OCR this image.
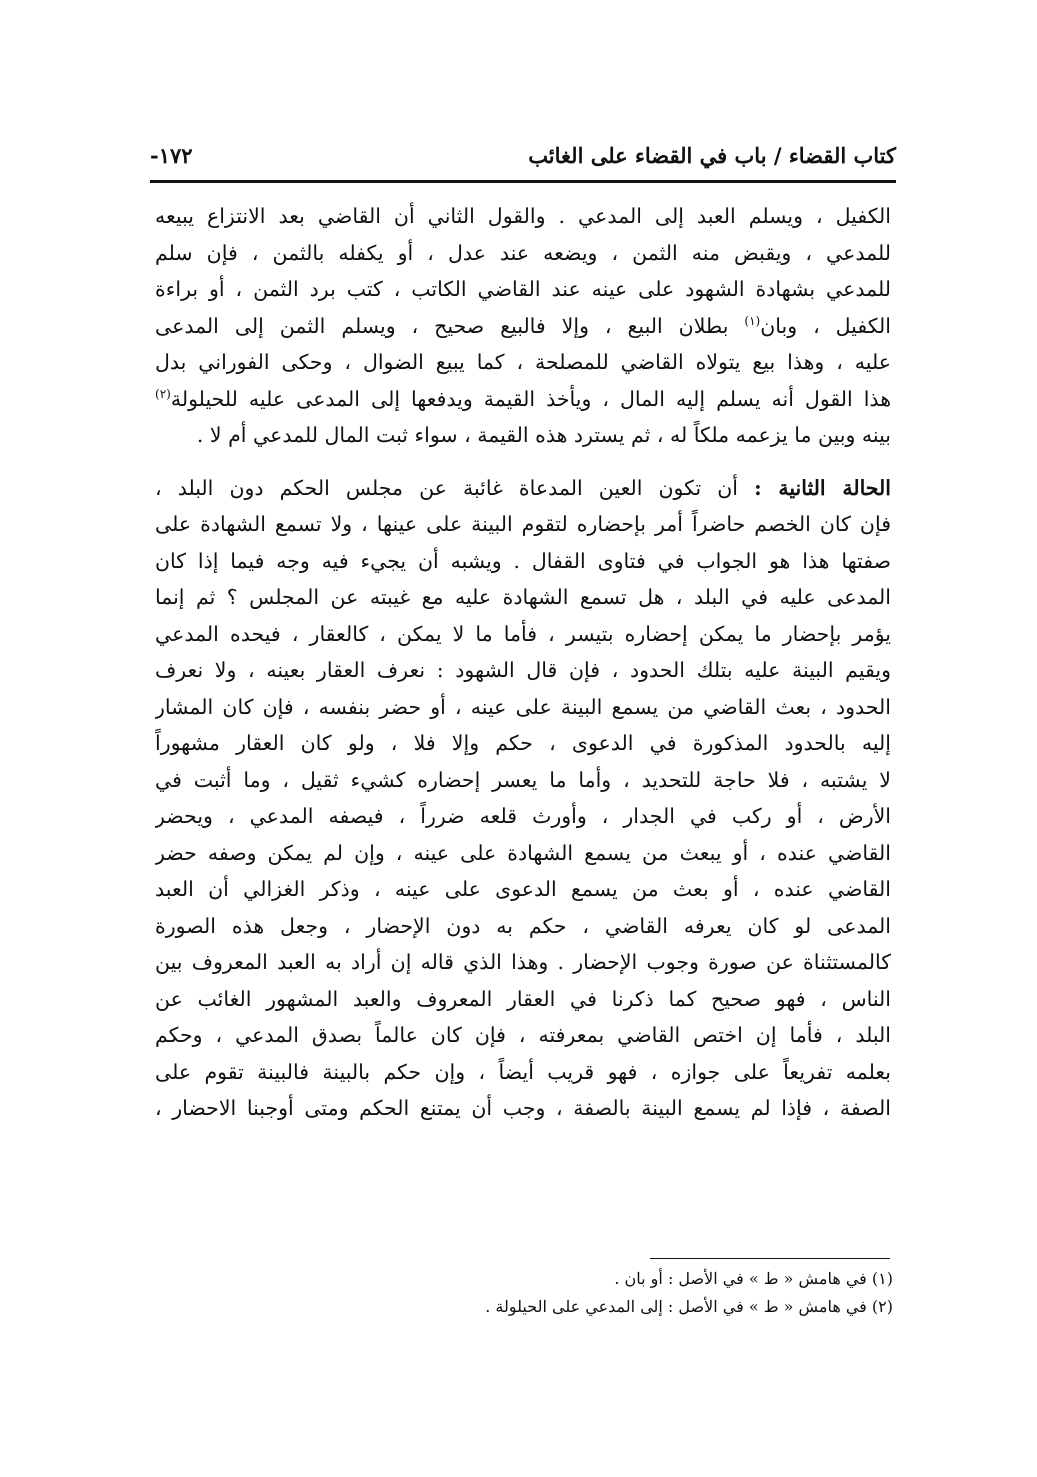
كتاب القضاء / باب في القضاء على الغائب
١٧٢-
الكفيل ، ويسلم العبد إلى المدعي . والقول الثاني أن القاضي بعد الانتزاع يبيعه
للمدعي ، ويقبض منه الثمن ، ويضعه عند عدل ، أو يكفله بالثمن ، فإن سلم
للمدعي بشهادة الشهود على عينه عند القاضي الكاتب ، كتب برد الثمن ، أو براءة
الكفيل ، وبان$^{(١)}$ بطلان البيع ، وإلا فالبيع صحيح ، ويسلم الثمن إلى المدعى
عليه ، وهذا بيع يتولاه القاضي للمصلحة ، كما يبيع الضوال ، وحكى الفوراني بدل
هذا القول أنه يسلم إليه المال ، ويأخذ القيمة ويدفعها إلى المدعى عليه للحيلولة$^{(٢)}$
بينه وبين ما يزعمه ملكاً له ، ثم يسترد هذه القيمة ، سواء ثبت المال للمدعي أم لا .
الحالة الثانية : أن تكون العين المدعاة غائبة عن مجلس الحكم دون البلد ،
فإن كان الخصم حاضراً أمر بإحضاره لتقوم البينة على عينها ، ولا تسمع الشهادة على
صفتها هذا هو الجواب في فتاوى القفال . ويشبه أن يجيء فيه وجه فيما إذا كان
المدعى عليه في البلد ، هل تسمع الشهادة عليه مع غيبته عن المجلس ؟ ثم إنما
يؤمر بإحضار ما يمكن إحضاره بتيسر ، فأما ما لا يمكن ، كالعقار ، فيحده المدعي
ويقيم البينة عليه بتلك الحدود ، فإن قال الشهود : نعرف العقار بعينه ، ولا نعرف
الحدود ، بعث القاضي من يسمع البينة على عينه ، أو حضر بنفسه ، فإن كان المشار
إليه بالحدود المذكورة في الدعوى ، حكم وإلا فلا ، ولو كان العقار مشهوراً
لا يشتبه ، فلا حاجة للتحديد ، وأما ما يعسر إحضاره كشيء ثقيل ، وما أثبت في
الأرض ، أو ركب في الجدار ، وأورث قلعه ضرراً ، فيصفه المدعي ، ويحضر
القاضي عنده ، أو يبعث من يسمع الشهادة على عينه ، وإن لم يمكن وصفه حضر
القاضي عنده ، أو بعث من يسمع الدعوى على عينه ، وذكر الغزالي أن العبد
المدعى لو كان يعرفه القاضي ، حكم به دون الإحضار ، وجعل هذه الصورة
كالمستثناة عن صورة وجوب الإحضار . وهذا الذي قاله إن أراد به العبد المعروف بين
الناس ، فهو صحيح كما ذكرنا في العقار المعروف والعبد المشهور الغائب عن
البلد ، فأما إن اختص القاضي بمعرفته ، فإن كان عالماً بصدق المدعي ، وحكم
بعلمه تفريعاً على جوازه ، فهو قريب أيضاً ، وإن حكم بالبينة فالبينة تقوم على
الصفة ، فإذا لم يسمع البينة بالصفة ، وجب أن يمتنع الحكم ومتى أوجبنا الاحضار ،
(١) في هامش « ط » في الأصل : أو بان .
(٢) في هامش « ط » في الأصل : إلى المدعي على الحيلولة .
